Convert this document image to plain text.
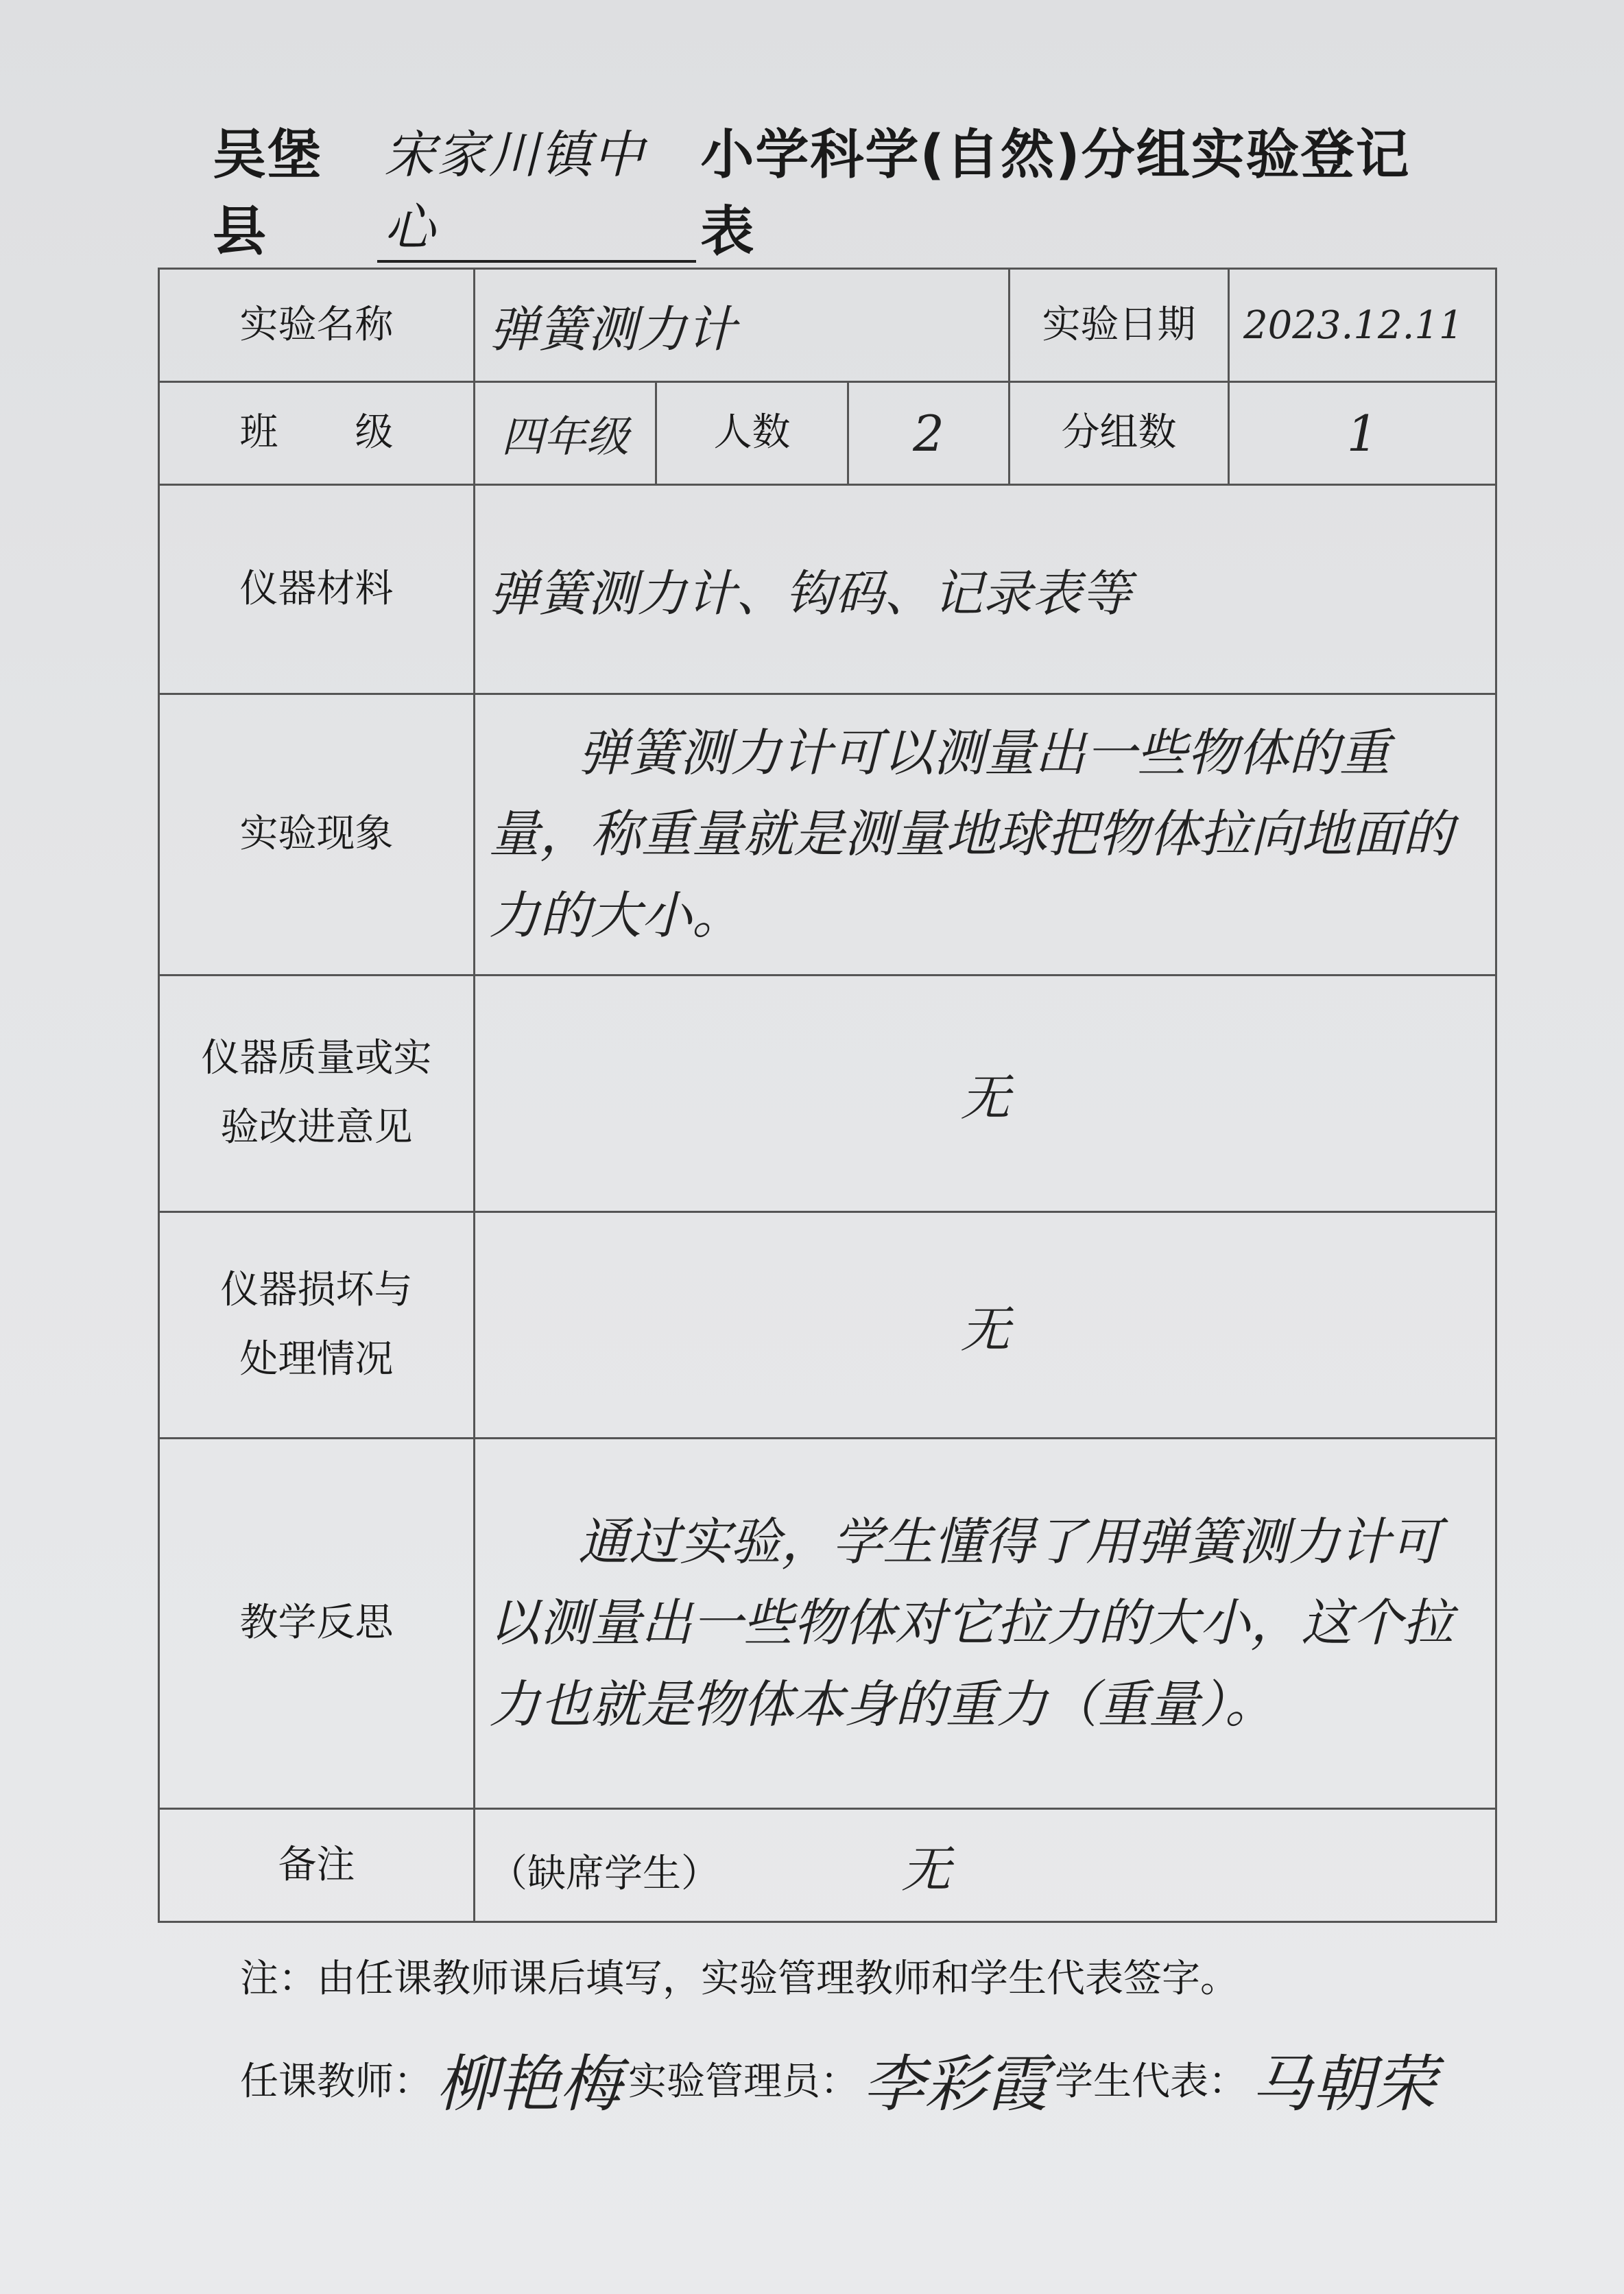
吴堡县
宋家川镇中心
小学科学(自然)分组实验登记表
实验名称	弹簧测力计			实验日期	2023.12.11
班　　级	四年级	人数	2	分组数	1
仪器材料	弹簧测力计、钩码、记录表等				
实验现象	弹簧测力计可以测量出一些物体的重量，称重量就是测量地球把物体拉向地面的力的大小。				
仪器质量或实
验改进意见	无				
仪器损坏与
处理情况	无				
教学反思	通过实验，学生懂得了用弹簧测力计可以测量出一些物体对它拉力的大小，这个拉力也就是物体本身的重力（重量）。				
备注	（缺席学生） 无				
注：由任课教师课后填写，实验管理教师和学生代表签字。
任课教师： 柳艳梅 实验管理员： 李彩霞 学生代表： 马朝荣
